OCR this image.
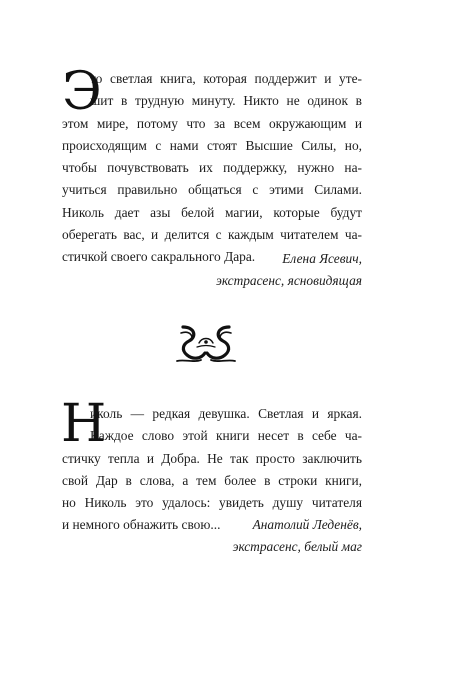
Э
то светлая книга, которая поддержит и уте-
шит в трудную минуту. Никто не одинок в
этом мире, потому что за всем окружающим и
происходящим с нами стоят Высшие Силы, но,
чтобы почувствовать их поддержку, нужно на-
учиться правильно общаться с этими Силами.
Николь дает азы белой магии, которые будут
оберегать вас, и делится с каждым читателем ча-
стичкой своего сакрального Дара.	Елена Ясевич,
экстрасенс, ясновидящая
Н
иколь — редкая девушка. Светлая и яркая.
Каждое слово этой книги несет в себе ча-
стичку тепла и Добра. Не так просто заключить
свой Дар в слова, а тем более в строки книги,
но Николь это удалось: увидеть душу читателя
и немного обнажить свою...	Анатолий Леденёв,
экстрасенс, белый маг
